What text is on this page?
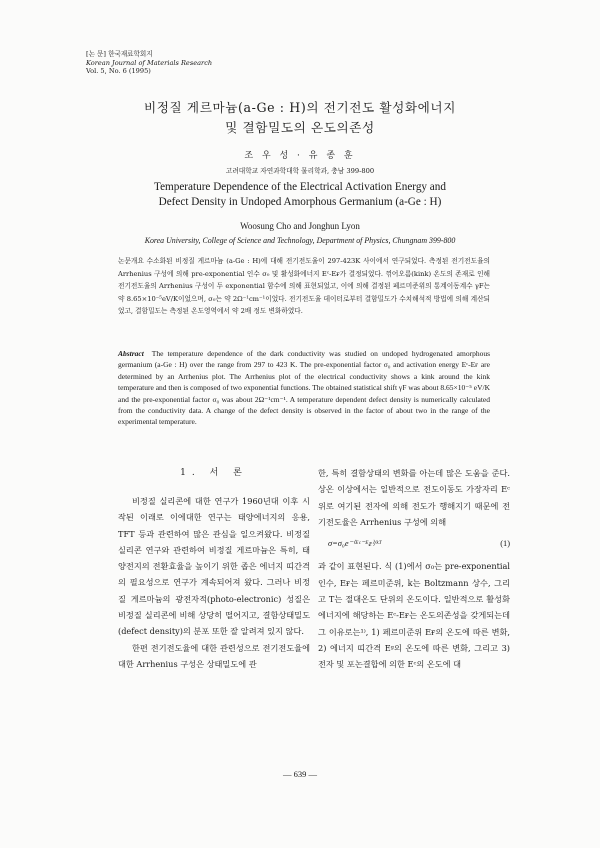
[논 문] 한국재료학회지
Korean Journal of Materials Research
Vol. 5, No. 6 (1995)
비정질 게르마늄(a-Ge : H)의 전기전도 활성화에너지
및 결함밀도의 온도의존성
조 우 성 · 유 종 훈
고려대학교 자연과학대학 물리학과, 충남 399-800
Temperature Dependence of the Electrical Activation Energy and
Defect Density in Undoped Amorphous Germanium (a-Ge : H)
Woosung Cho and Jonghun Lyon
Korea University, College of Science and Technology, Department of Physics, Chungnam 399-800
논문개요 수소화된 비정질 게르마늄 (a-Ge : H)에 대해 전기전도율이 297-423K 사이에서 연구되었다. 측정된 전기전도율의 Arrhenius 구성에 의해 pre-exponential 인수 σ₀ 및 활성화에너지 Eᶜ-Eғ가 결정되었다. 꺾어오름(kink) 온도의 존재로 인해 전기전도율의 Arrhenius 구성이 두 exponential 함수에 의해 표현되었고, 이에 의해 결정된 페르미준위의 통계이동계수 γF는 약 8.65×10⁻⁵eV/K이었으며, σ₀는 약 2Ω⁻¹cm⁻¹이었다. 전기전도율 데이터로부터 결함밀도가 수치해석적 방법에 의해 계산되었고, 결함밀도는 측정된 온도영역에서 약 2배 정도 변화하였다.
Abstract The temperature dependence of the dark conductivity was studied on undoped hydrogenated amorphous germanium (a-Ge : H) over the range from 297 to 423 K. The pre-exponential factor σ₀ and activation energy Eᶜ-Eғ are determined by an Arrhenius plot. The Arrhenius plot of the electrical conductivity shows a kink around the kink temperature and then is composed of two exponential functions. The obtained statistical shift γF was about 8.65×10⁻⁵ eV/K and the pre-exponential factor σ₀ was about 2Ω⁻¹cm⁻¹. A temperature dependent defect density is numerically calculated from the conductivity data. A change of the defect density is observed in the factor of about two in the range of the experimental temperature.
1. 서 론

비정질 실리콘에 대한 연구가 1960년대 이후 시작된 이래로 이에대한 연구는 태양에너지의 응용, TFT 등과 관련하여 많은 관심을 일으켜왔다. 비정질 실리콘 연구와 관련하여 비정질 게르마늄은 특히, 태양전지의 전환효율을 높이기 위한 좁은 에너지 띠간격의 필요성으로 연구가 계속되어져 왔다. 그러나 비정질 게르마늄의 광전자적(photo-electronic) 성질은 비정질 실리콘에 비해 상당히 떨어지고, 결함상태밀도(defect density)의 분포 또한 잘 알려져 있지 않다.

한편 전기전도율에 대한 관련성으로 전기전도율에 대한 Arrhenius 구성은 상태밀도에 관

한, 특히 결함상태의 변화를 아는데 많은 도움을 준다. 상온 이상에서는 일반적으로 전도이동도 가장자리 Eᶜ 위로 여기된 전자에 의해 전도가 행해지기 때문에 전기전도율은 Arrhenius 구성에 의해

σ=σ₀e⁻⁽ᴱᶜ⁻ᴱғ⁾/ᵏᵀ	(1)

과 같이 표현된다. 식 (1)에서 σ₀는 pre-exponential 인수, Eғ는 페르미준위, k는 Boltzmann 상수, 그리고 T는 절대온도 단위의 온도이다. 일반적으로 활성화에너지에 해당하는 Eᶜ-Eғ는 온도의존성을 갖게되는데 그 이유로는¹⁾, 1) 페르미준위 Eғ의 온도에 따른 변화, 2) 에너지 띠간격 Eᵍ의 온도에 따른 변화, 그리고 3) 전자 및 포논결합에 의한 Eᶜ의 온도에 대

— 639 —
